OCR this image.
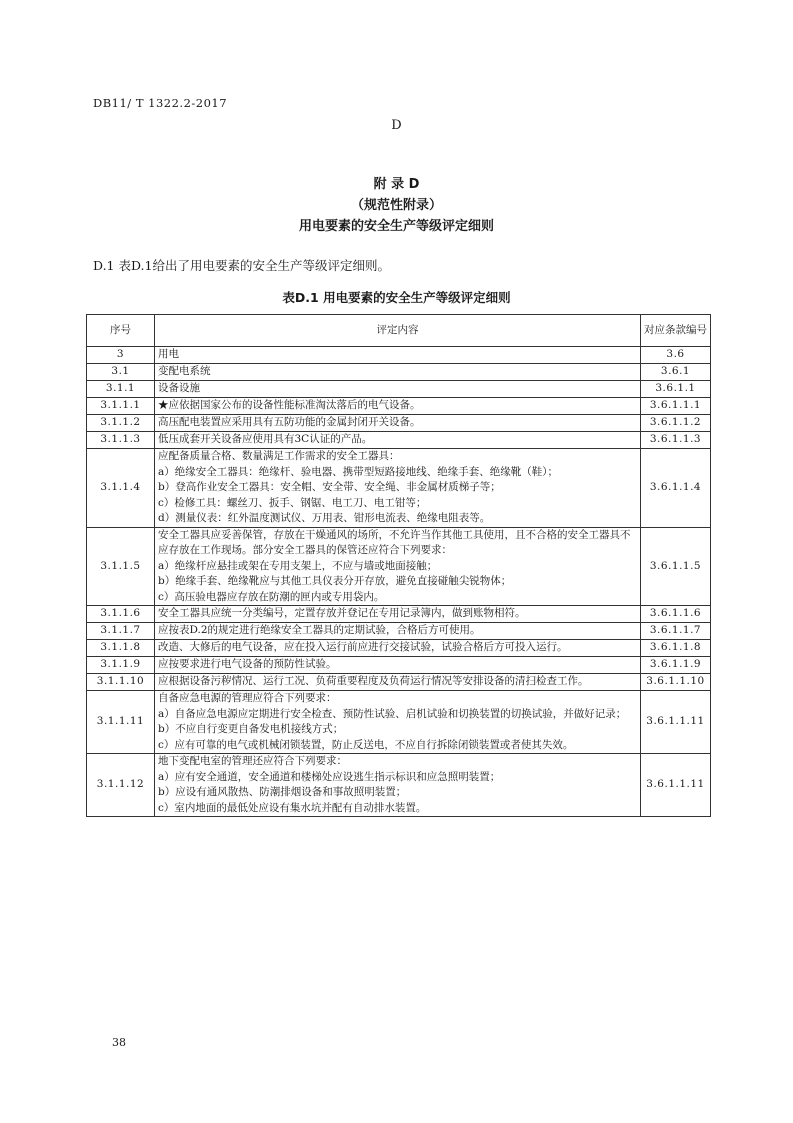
DB11/ T 1322.2-2017
D
附 录 D
（规范性附录）
用电要素的安全生产等级评定细则
D.1 表D.1给出了用电要素的安全生产等级评定细则。
表D.1 用电要素的安全生产等级评定细则
序号	评定内容	对应条款编号
3	用电	3.6
3.1	变配电系统	3.6.1
3.1.1	设备设施	3.6.1.1
3.1.1.1	★应依据国家公布的设备性能标准淘汰落后的电气设备。	3.6.1.1.1
3.1.1.2	高压配电装置应采用具有五防功能的金属封闭开关设备。	3.6.1.1.2
3.1.1.3	低压成套开关设备应使用具有3C认证的产品。	3.6.1.1.3
3.1.1.4	应配备质量合格、数量满足工作需求的安全工器具：
a）绝缘安全工器具：绝缘杆、验电器、携带型短路接地线、绝缘手套、绝缘靴（鞋）；
b）登高作业安全工器具：安全帽、安全带、安全绳、非金属材质梯子等；
c）检修工具：螺丝刀、扳手、钢锯、电工刀、电工钳等；
d）测量仪表：红外温度测试仪、万用表、钳形电流表、绝缘电阻表等。	3.6.1.1.4
3.1.1.5	安全工器具应妥善保管，存放在干燥通风的场所，不允许当作其他工具使用，且不合格的安全工器具不应存放在工作现场。部分安全工器具的保管还应符合下列要求：
a）绝缘杆应悬挂或架在专用支架上，不应与墙或地面接触；
b）绝缘手套、绝缘靴应与其他工具仪表分开存放，避免直接碰触尖锐物体；
c）高压验电器应存放在防潮的匣内或专用袋内。	3.6.1.1.5
3.1.1.6	安全工器具应统一分类编号，定置存放并登记在专用记录簿内，做到账物相符。	3.6.1.1.6
3.1.1.7	应按表D.2的规定进行绝缘安全工器具的定期试验，合格后方可使用。	3.6.1.1.7
3.1.1.8	改造、大修后的电气设备，应在投入运行前应进行交接试验，试验合格后方可投入运行。	3.6.1.1.8
3.1.1.9	应按要求进行电气设备的预防性试验。	3.6.1.1.9
3.1.1.10	应根据设备污秽情况、运行工况、负荷重要程度及负荷运行情况等安排设备的清扫检查工作。	3.6.1.1.10
3.1.1.11	自备应急电源的管理应符合下列要求：
a）自备应急电源应定期进行安全检查、预防性试验、启机试验和切换装置的切换试验，并做好记录；
b）不应自行变更自备发电机接线方式；
c）应有可靠的电气或机械闭锁装置，防止反送电，不应自行拆除闭锁装置或者使其失效。	3.6.1.1.11
3.1.1.12	地下变配电室的管理还应符合下列要求：
a）应有安全通道，安全通道和楼梯处应设逃生指示标识和应急照明装置；
b）应设有通风散热、防潮排烟设备和事故照明装置；
c）室内地面的最低处应设有集水坑并配有自动排水装置。	3.6.1.1.11
38
